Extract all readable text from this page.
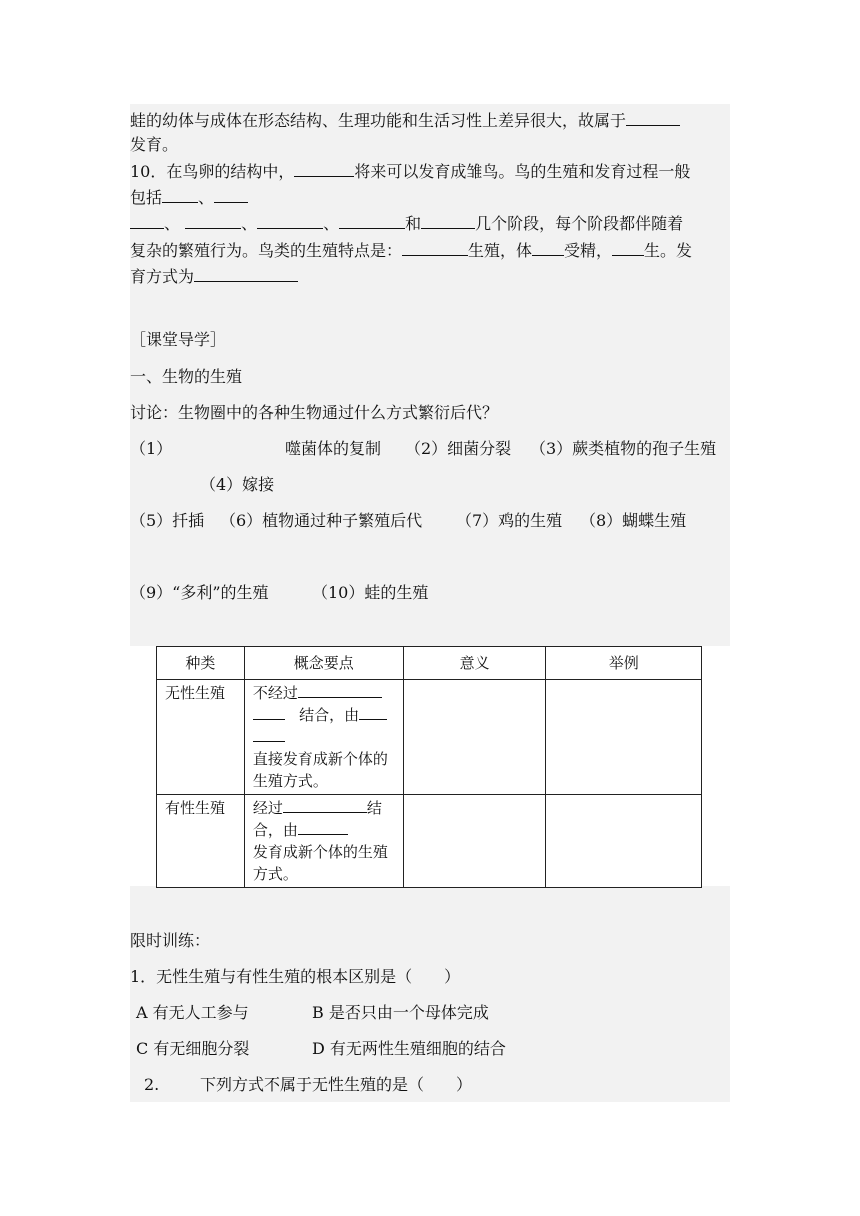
蛙的幼体与成体在形态结构、生理功能和生活习性上差异很大，故属于
发育。
10．在鸟卵的结构中，	将来可以发育成雏鸟。鸟的生殖和发育过程一般
包括 、
、	、	、	和	几个阶段，每个阶段都伴随着
复杂的繁殖行为。鸟类的生殖特点是：	生殖，体 受精， 生。发
育方式为
［课堂导学］
一、生物的生殖
讨论：生物圈中的各种生物通过什么方式繁衍后代？
（1）	噬菌体的复制 （2）细菌分裂 （3）蕨类植物的孢子生殖
（4）嫁接
（5）扦插 （6）植物通过种子繁殖后代 （7）鸡的生殖 （8）蝴蝶生殖
（9）“多利”的生殖	（10）蛙的生殖
种类	概念要点	意义	举例
无性生殖	不经过
结合，由

直接发育成新个体的生殖方式。		
有性生殖	经过 结
合，由
发育成新个体的生殖方式。		
限时训练：
1．无性生殖与有性生殖的根本区别是（　　）
A 有无人工参与	B 是否只由一个母体完成
C 有无细胞分裂	D 有无两性生殖细胞的结合
2.	下列方式不属于无性生殖的是（　　）
